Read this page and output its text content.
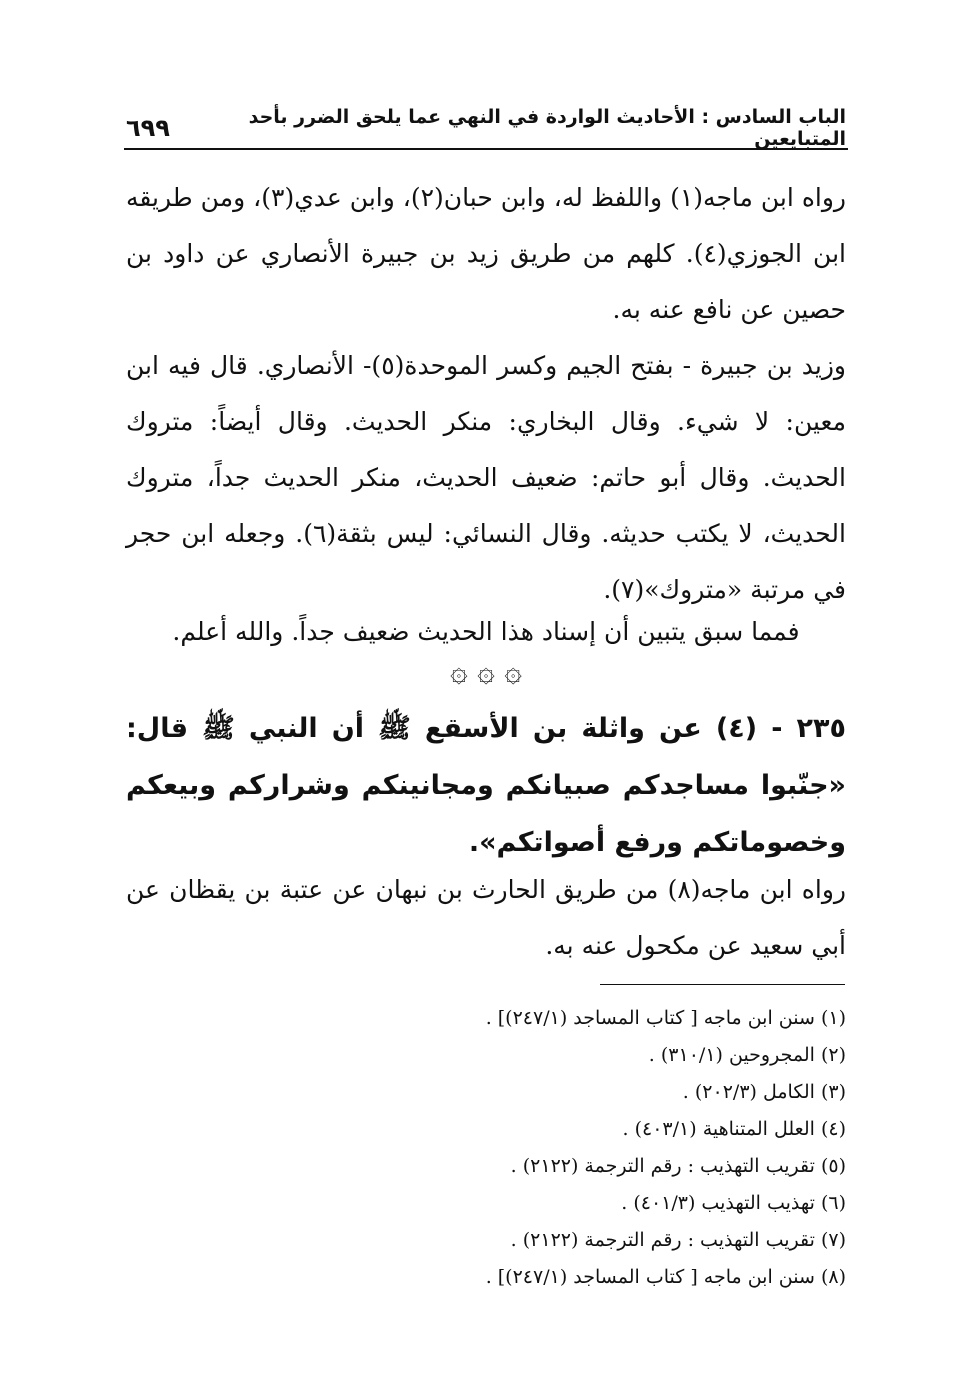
الباب السادس : الأحاديث الواردة في النهي عما يلحق الضرر بأحد المتبايعين
٦٩٩

رواه ابن ماجه(١) واللفظ له، وابن حبان(٢)، وابن عدي(٣)، ومن طريقه ابن الجوزي(٤). كلهم من طريق زيد بن جبيرة الأنصاري عن داود بن حصين عن نافع عنه به.

وزيد بن جبيرة - بفتح الجيم وكسر الموحدة(٥)- الأنصاري. قال فيه ابن معين: لا شيء. وقال البخاري: منكر الحديث. وقال أيضاً: متروك الحديث. وقال أبو حاتم: ضعيف الحديث، منكر الحديث جداً، متروك الحديث، لا يكتب حديثه. وقال النسائي: ليس بثقة(٦). وجعله ابن حجر في مرتبة «متروك»(٧).

فمما سبق يتبين أن إسناد هذا الحديث ضعيف جداً. والله أعلم.

۞ ۞ ۞

٢٣٥ - (٤) عن واثلة بن الأسقع ﷺ أن النبي ﷺ قال: «جنّبوا مساجدكم صبيانكم ومجانينكم وشراركم وبيعكم وخصوماتكم ورفع أصواتكم».

رواه ابن ماجه(٨) من طريق الحارث بن نبهان عن عتبة بن يقظان عن أبي سعيد عن مكحول عنه به.

(١) سنن ابن ماجه [ كتاب المساجد (٢٤٧/١)] .
(٢) المجروحين (٣١٠/١) .
(٣) الكامل (٢٠٢/٣) .
(٤) العلل المتناهية (٤٠٣/١) .
(٥) تقريب التهذيب : رقم الترجمة (٢١٢٢) .
(٦) تهذيب التهذيب (٤٠١/٣) .
(٧) تقريب التهذيب : رقم الترجمة (٢١٢٢) .
(٨) سنن ابن ماجه [ كتاب المساجد (٢٤٧/١)] .
